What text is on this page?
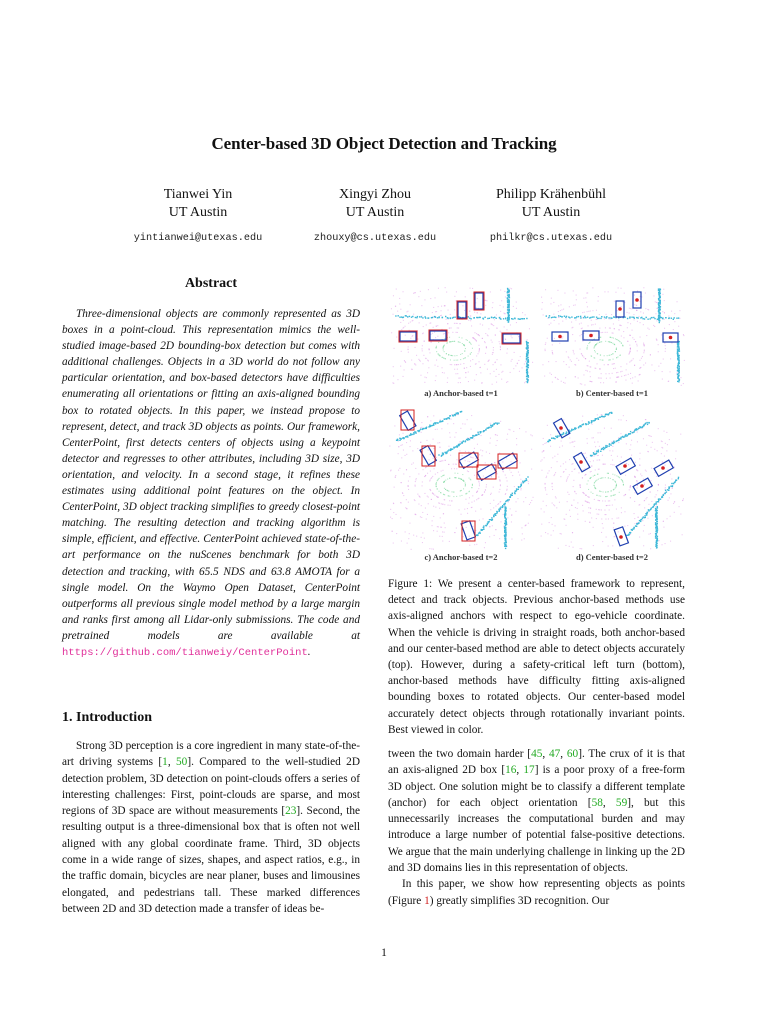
Center-based 3D Object Detection and Tracking
Tianwei Yin
UT Austin
yintianwei@utexas.edu
Xingyi Zhou
UT Austin
zhouxy@cs.utexas.edu
Philipp Krähenbühl
UT Austin
philkr@cs.utexas.edu
Abstract
Three-dimensional objects are commonly represented as 3D boxes in a point-cloud. This representation mimics the well-studied image-based 2D bounding-box detection but comes with additional challenges. Objects in a 3D world do not follow any particular orientation, and box-based detectors have difficulties enumerating all orientations or fitting an axis-aligned bounding box to rotated objects. In this paper, we instead propose to represent, detect, and track 3D objects as points. Our framework, CenterPoint, first detects centers of objects using a keypoint detector and regresses to other attributes, including 3D size, 3D orientation, and velocity. In a second stage, it refines these estimates using additional point features on the object. In CenterPoint, 3D object tracking simplifies to greedy closest-point matching. The resulting detection and tracking algorithm is simple, efficient, and effective. CenterPoint achieved state-of-the-art performance on the nuScenes benchmark for both 3D detection and tracking, with 65.5 NDS and 63.8 AMOTA for a single model. On the Waymo Open Dataset, CenterPoint outperforms all previous single model method by a large margin and ranks first among all Lidar-only submissions. The code and pretrained models are available at https://github.com/tianweiy/CenterPoint.
1. Introduction
Strong 3D perception is a core ingredient in many state-of-the-art driving systems [1, 50]. Compared to the well-studied 2D detection problem, 3D detection on point-clouds offers a series of interesting challenges: First, point-clouds are sparse, and most regions of 3D space are without measurements [23]. Second, the resulting output is a three-dimensional box that is often not well aligned with any global coordinate frame. Third, 3D objects come in a wide range of sizes, shapes, and aspect ratios, e.g., in the traffic domain, bicycles are near planer, buses and limousines elongated, and pedestrians tall. These marked differences between 2D and 3D detection made a transfer of ideas be-
tween the two domain harder [45, 47, 60]. The crux of it is that an axis-aligned 2D box [16, 17] is a poor proxy of a free-form 3D object. One solution might be to classify a different template (anchor) for each object orientation [58, 59], but this unnecessarily increases the computational burden and may introduce a large number of potential false-positive detections. We argue that the main underlying challenge in linking up the 2D and 3D domains lies in this representation of objects.
In this paper, we show how representing objects as points (Figure 1) greatly simplifies 3D recognition. Our
a) Anchor-based t=1	b) Center-based t=1
c) Anchor-based t=2	d) Center-based t=2
Figure 1: We present a center-based framework to represent, detect and track objects. Previous anchor-based methods use axis-aligned anchors with respect to ego-vehicle coordinate. When the vehicle is driving in straight roads, both anchor-based and our center-based method are able to detect objects accurately (top). However, during a safety-critical left turn (bottom), anchor-based methods have difficulty fitting axis-aligned bounding boxes to rotated objects. Our center-based model accurately detect objects through rotationally invariant points. Best viewed in color.
1
